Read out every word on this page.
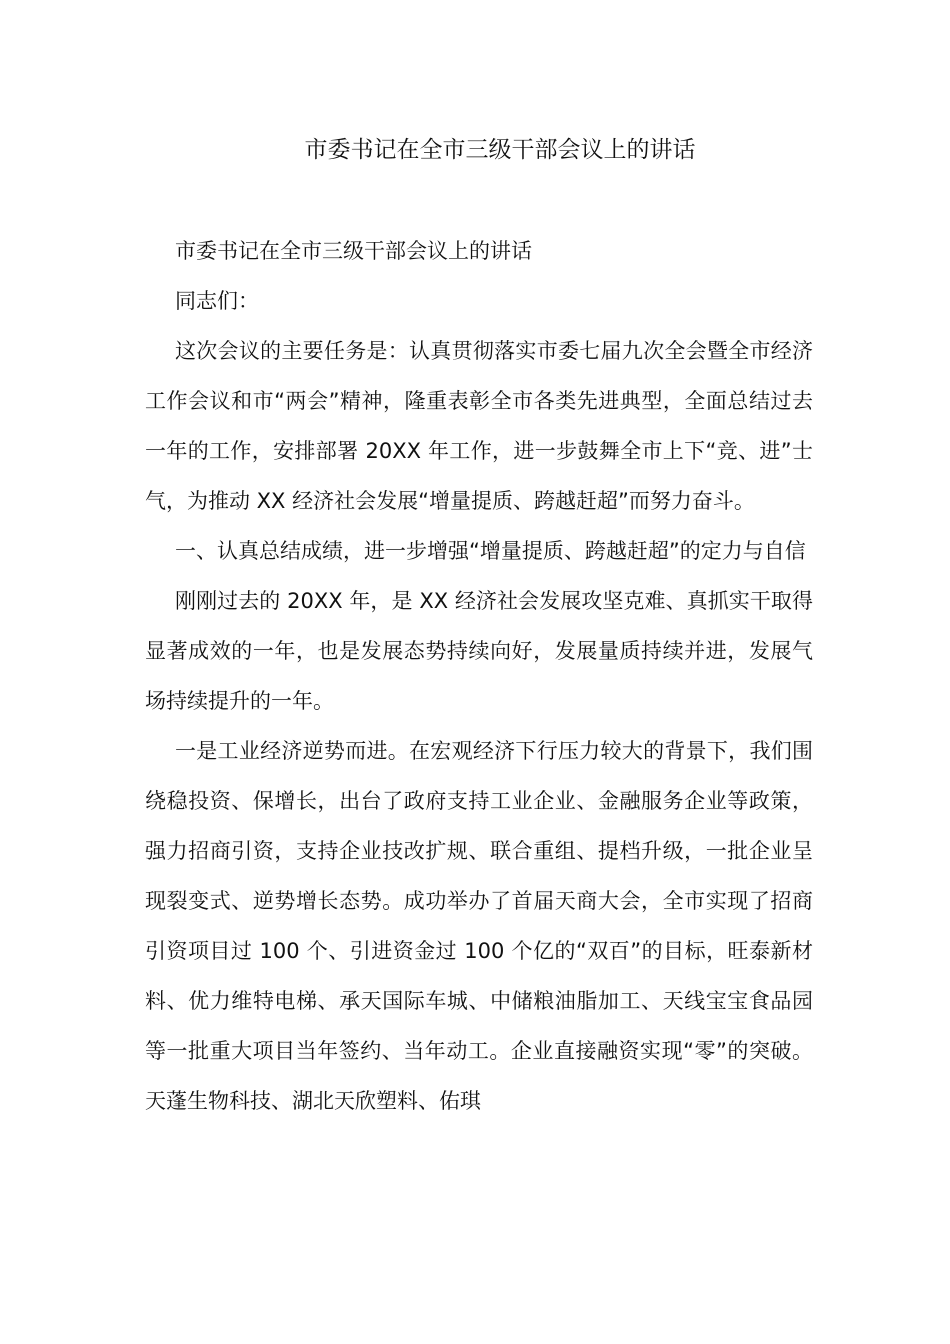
市委书记在全市三级干部会议上的讲话

市委书记在全市三级干部会议上的讲话

同志们：

这次会议的主要任务是：认真贯彻落实市委七届九次全会暨全市经济工作会议和市“两会”精神，隆重表彰全市各类先进典型，全面总结过去一年的工作，安排部署 20XX 年工作，进一步鼓舞全市上下“竞、进”士气，为推动 XX 经济社会发展“增量提质、跨越赶超”而努力奋斗。

一、认真总结成绩，进一步增强“增量提质、跨越赶超”的定力与自信

刚刚过去的 20XX 年，是 XX 经济社会发展攻坚克难、真抓实干取得显著成效的一年，也是发展态势持续向好，发展量质持续并进，发展气场持续提升的一年。

一是工业经济逆势而进。在宏观经济下行压力较大的背景下，我们围绕稳投资、保增长，出台了政府支持工业企业、金融服务企业等政策，强力招商引资，支持企业技改扩规、联合重组、提档升级，一批企业呈现裂变式、逆势增长态势。成功举办了首届天商大会，全市实现了招商引资项目过 100 个、引进资金过 100 个亿的“双百”的目标，旺泰新材料、优力维特电梯、承天国际车城、中储粮油脂加工、天线宝宝食品园等一批重大项目当年签约、当年动工。企业直接融资实现“零”的突破。天蓬生物科技、湖北天欣塑料、佑琪
